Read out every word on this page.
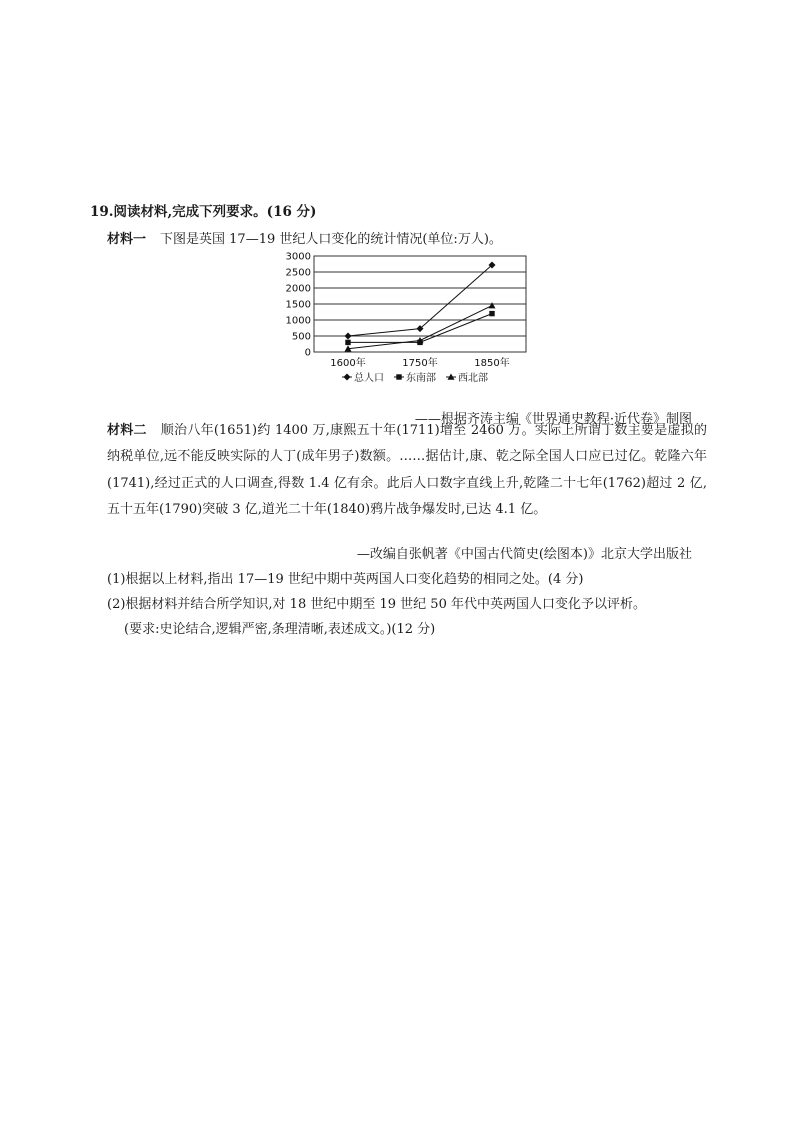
19.阅读材料,完成下列要求。(16 分)
材料一 下图是英国 17—19 世纪人口变化的统计情况(单位:万人)。
3000
2500
2000
1500
1000
500
0
1600年	1750年	1850年
总人口 东南部 西北部
——根据齐涛主编《世界通史教程·近代卷》制图
材料二 顺治八年(1651)约 1400 万,康熙五十年(1711)增至 2460 万。实际上所谓丁数主要是虚拟的纳税单位,远不能反映实际的人丁(成年男子)数额。……据估计,康、乾之际全国人口应已过亿。乾隆六年(1741),经过正式的人口调查,得数 1.4 亿有余。此后人口数字直线上升,乾隆二十七年(1762)超过 2 亿,五十五年(1790)突破 3 亿,道光二十年(1840)鸦片战争爆发时,已达 4.1 亿。
—改编自张帆著《中国古代简史(绘图本)》北京大学出版社
(1)根据以上材料,指出 17—19 世纪中期中英两国人口变化趋势的相同之处。(4 分)
(2)根据材料并结合所学知识,对 18 世纪中期至 19 世纪 50 年代中英两国人口变化予以评析。
(要求:史论结合,逻辑严密,条理清晰,表述成文。)(12 分)
